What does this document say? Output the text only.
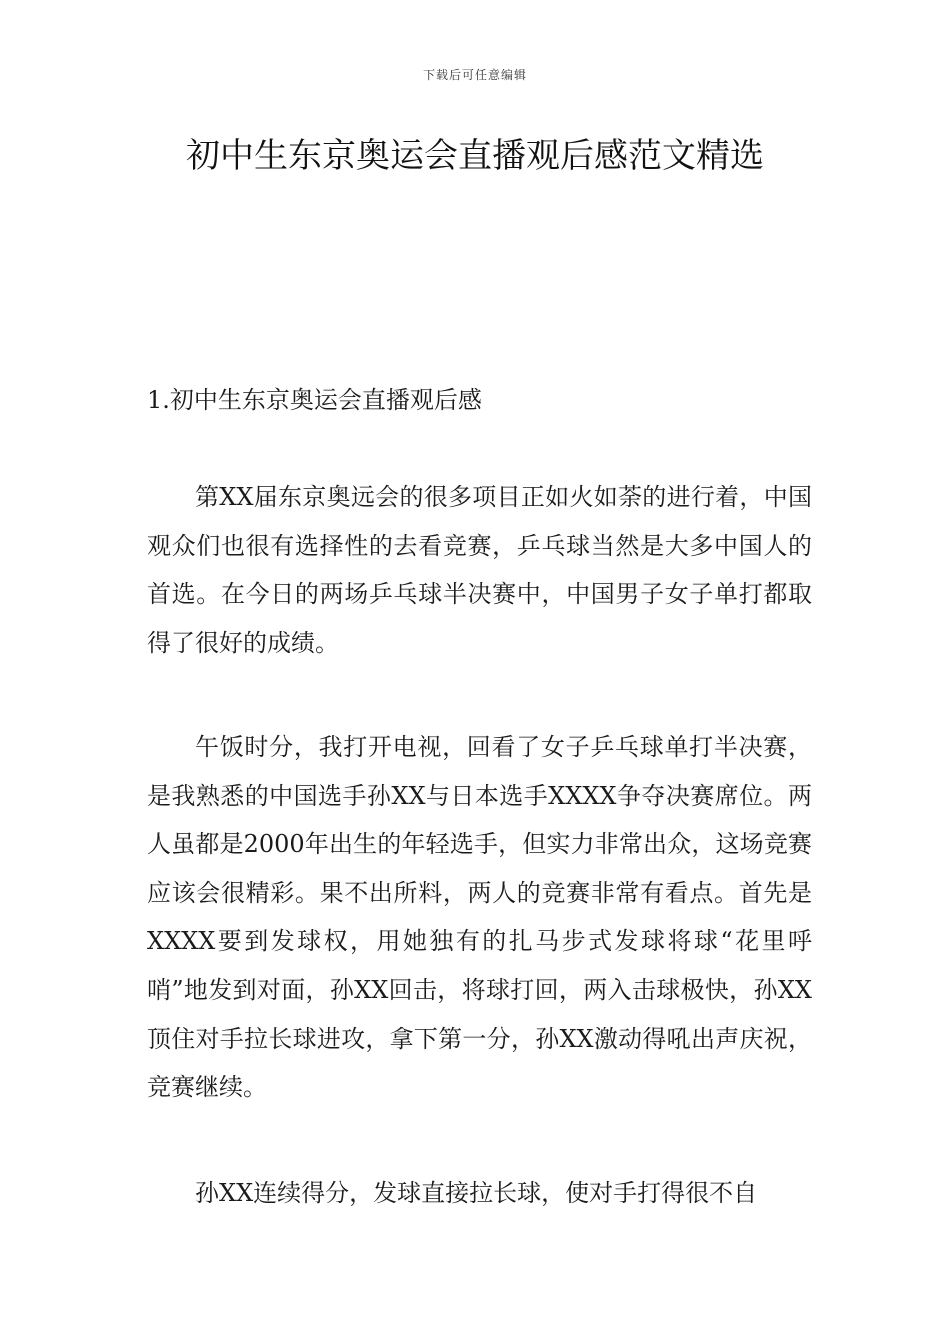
下载后可任意编辑
初中生东京奥运会直播观后感范文精选
1.初中生东京奥运会直播观后感

第XX届东京奥远会的很多项目正如火如荼的进行着，中国观众们也很有选择性的去看竞赛，乒乓球当然是大多中国人的首选。在今日的两场乒乓球半决赛中，中国男子女子单打都取得了很好的成绩。

午饭时分，我打开电视，回看了女子乒乓球单打半决赛，是我熟悉的中国选手孙XX与日本选手XXXX争夺决赛席位。两人虽都是2000年出生的年轻选手，但实力非常出众，这场竞赛应该会很精彩。果不出所料，两人的竞赛非常有看点。首先是XXXX要到发球权，用她独有的扎马步式发球将球“花里呼哨”地发到对面，孙XX回击，将球打回，两入击球极快，孙XX顶住对手拉长球进攻，拿下第一分，孙XX激动得吼出声庆祝，竞赛继续。

孙XX连续得分，发球直接拉长球，使对手打得很不自
